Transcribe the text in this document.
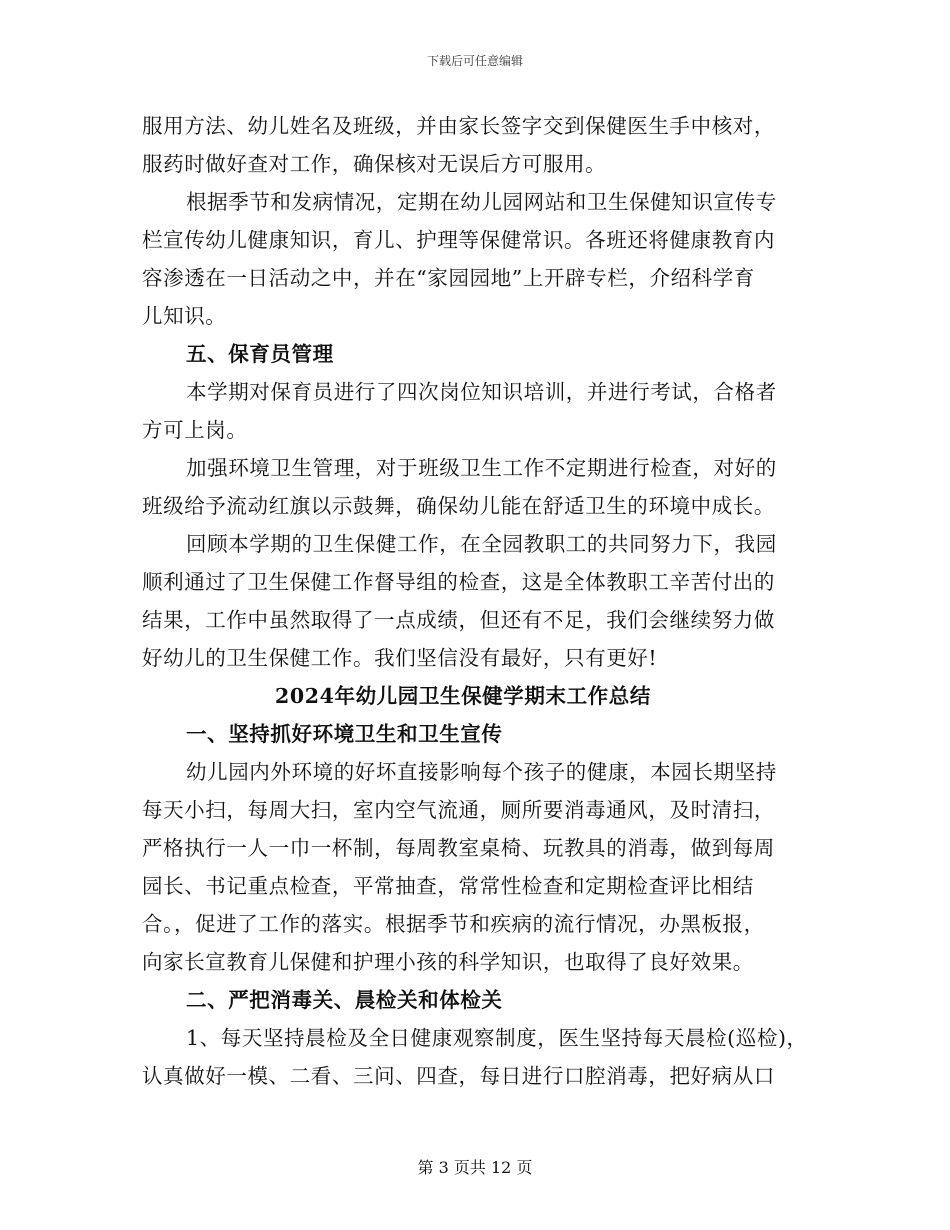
下载后可任意编辑
服用方法、幼儿姓名及班级，并由家长签字交到保健医生手中核对，
服药时做好查对工作，确保核对无误后方可服用。
根据季节和发病情况，定期在幼儿园网站和卫生保健知识宣传专
栏宣传幼儿健康知识，育儿、护理等保健常识。各班还将健康教育内
容渗透在一日活动之中，并在“家园园地”上开辟专栏，介绍科学育
儿知识。
五、保育员管理
本学期对保育员进行了四次岗位知识培训，并进行考试，合格者
方可上岗。
加强环境卫生管理，对于班级卫生工作不定期进行检查，对好的
班级给予流动红旗以示鼓舞，确保幼儿能在舒适卫生的环境中成长。
回顾本学期的卫生保健工作，在全园教职工的共同努力下，我园
顺利通过了卫生保健工作督导组的检查，这是全体教职工辛苦付出的
结果，工作中虽然取得了一点成绩，但还有不足，我们会继续努力做
好幼儿的卫生保健工作。我们坚信没有最好，只有更好!
2024年幼儿园卫生保健学期末工作总结
一、坚持抓好环境卫生和卫生宣传
幼儿园内外环境的好坏直接影响每个孩子的健康，本园长期坚持
每天小扫，每周大扫，室内空气流通，厕所要消毒通风，及时清扫，
严格执行一人一巾一杯制，每周教室桌椅、玩教具的消毒，做到每周
园长、书记重点检查，平常抽查，常常性检查和定期检查评比相结
合。，促进了工作的落实。根据季节和疾病的流行情况，办黑板报，
向家长宣教育儿保健和护理小孩的科学知识，也取得了良好效果。
二、严把消毒关、晨检关和体检关
1、每天坚持晨检及全日健康观察制度，医生坚持每天晨检(巡检)，
认真做好一模、二看、三问、四查，每日进行口腔消毒，把好病从口
第 3 页共 12 页
